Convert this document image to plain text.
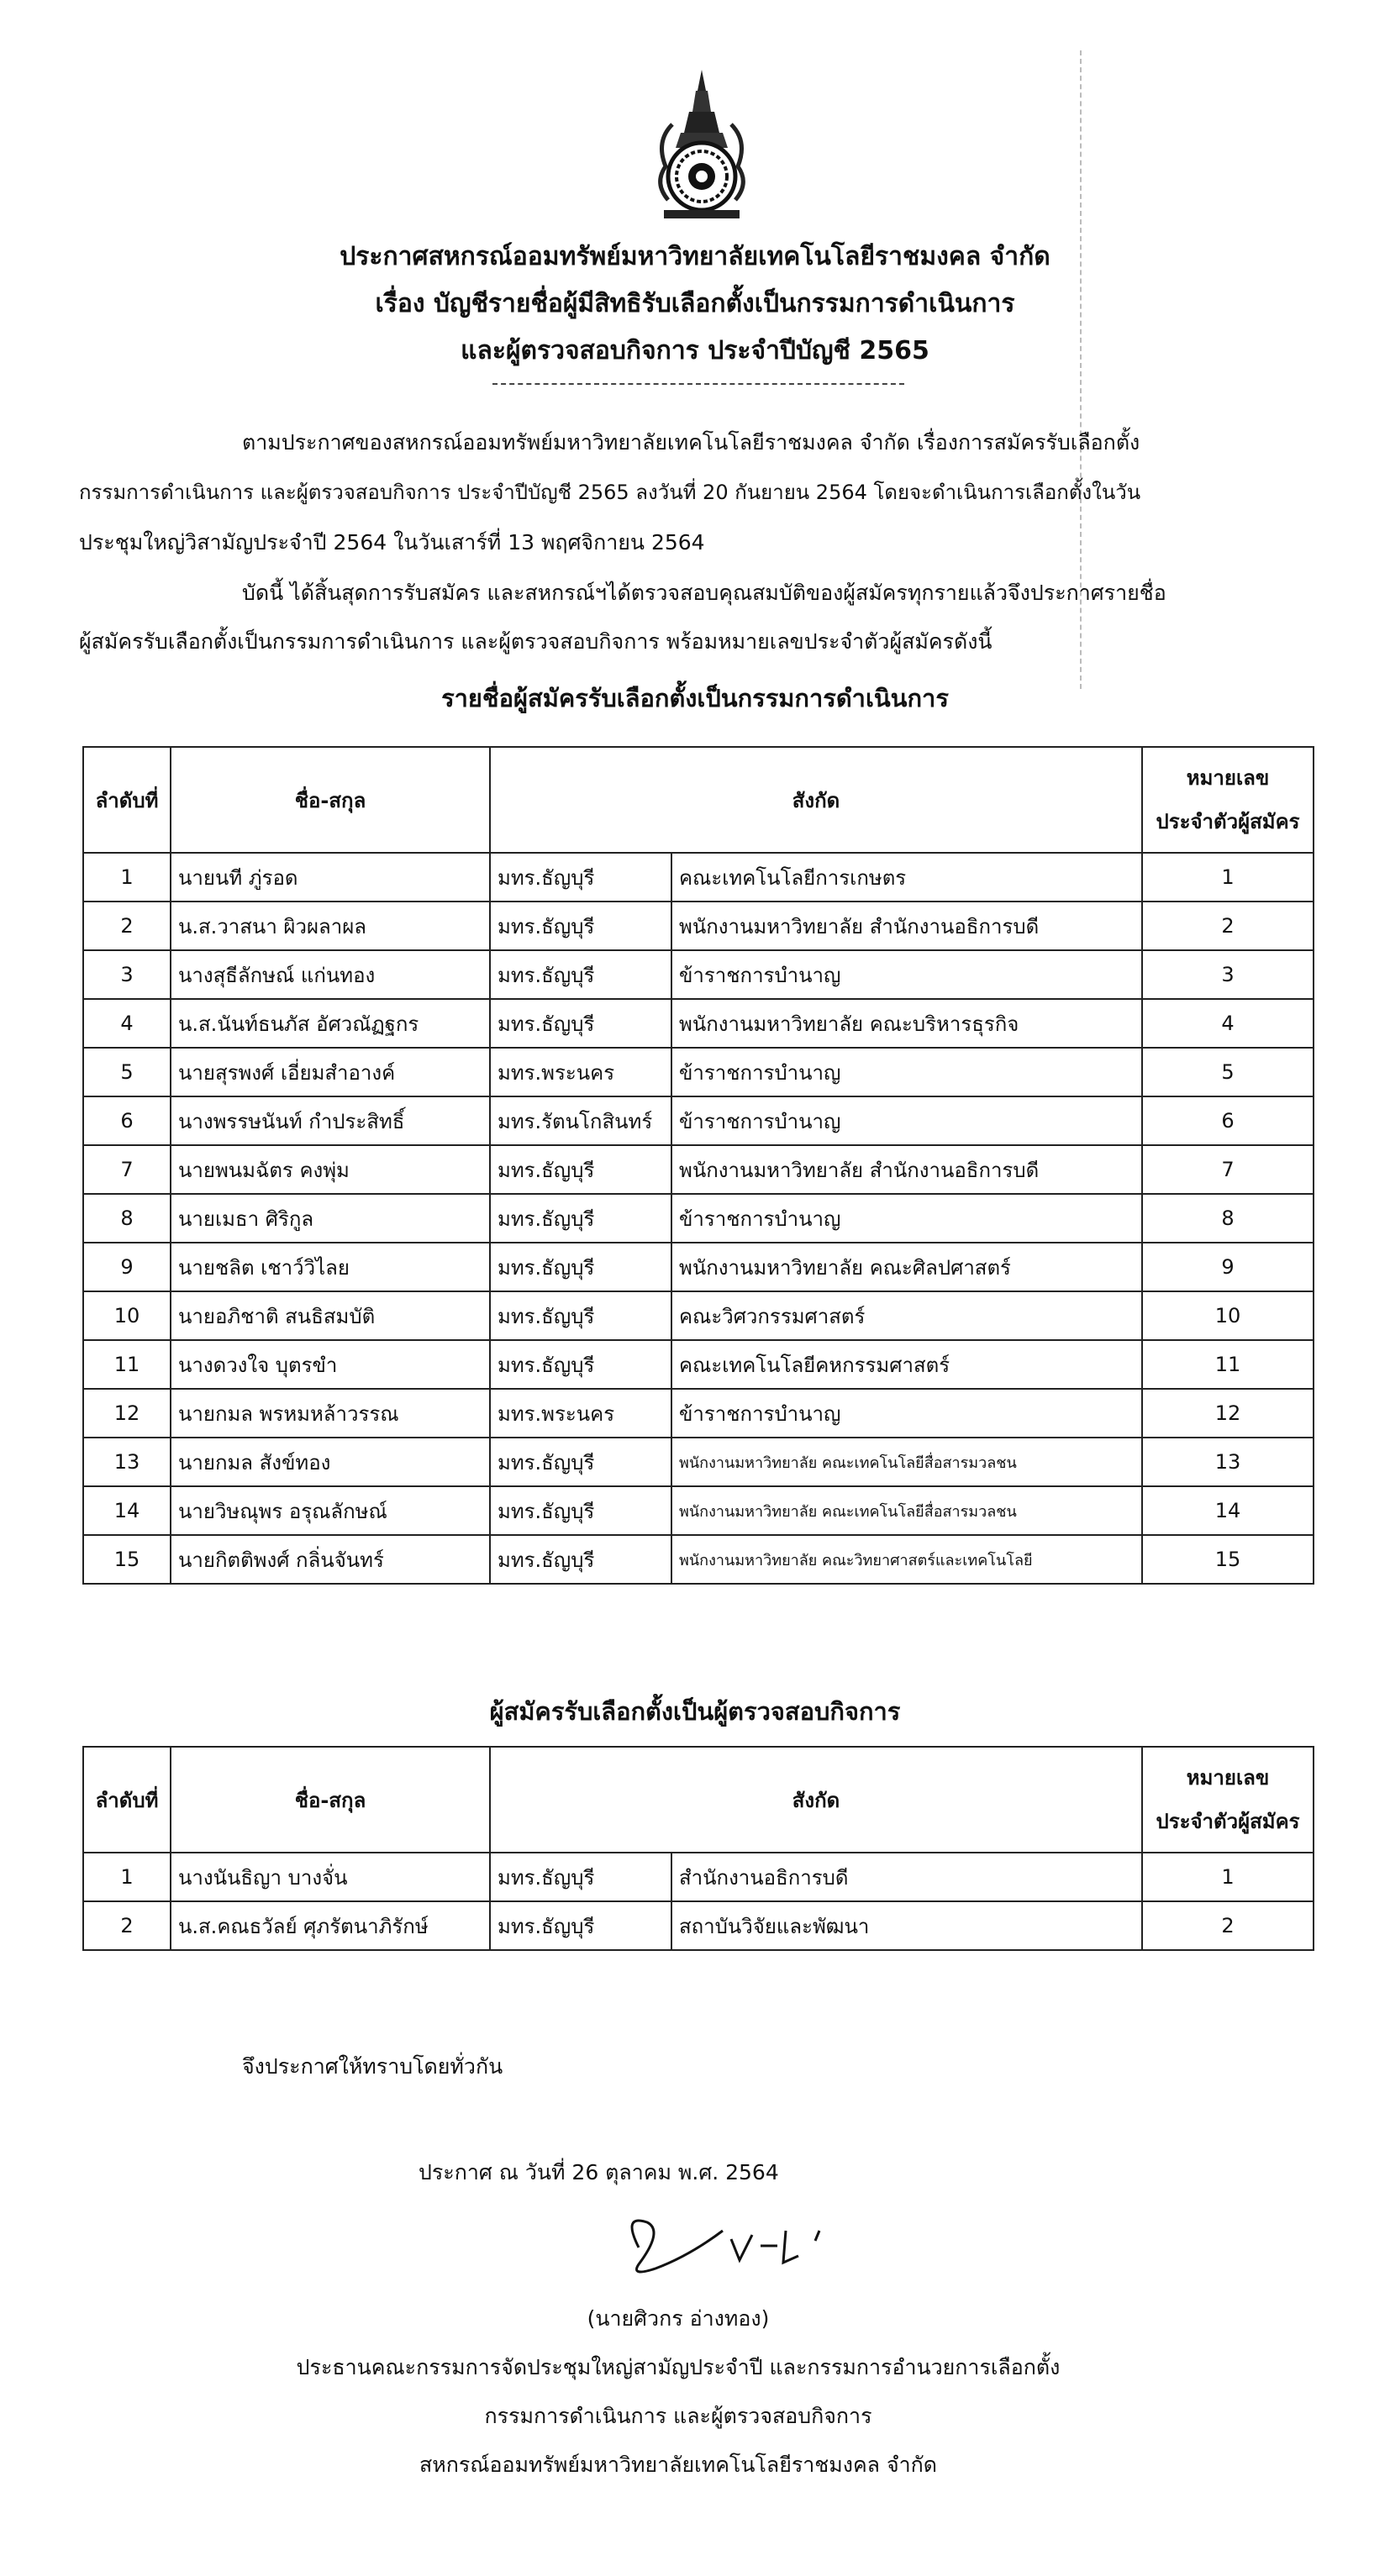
ประกาศสหกรณ์ออมทรัพย์มหาวิทยาลัยเทคโนโลยีราชมงคล จำกัด
เรื่อง บัญชีรายชื่อผู้มีสิทธิรับเลือกตั้งเป็นกรรมการดำเนินการ
และผู้ตรวจสอบกิจการ ประจำปีบัญชี 2565
ตามประกาศของสหกรณ์ออมทรัพย์มหาวิทยาลัยเทคโนโลยีราชมงคล จำกัด เรื่องการสมัครรับเลือกตั้ง
กรรมการดำเนินการ และผู้ตรวจสอบกิจการ ประจำปีบัญชี 2565 ลงวันที่ 20 กันยายน 2564 โดยจะดำเนินการเลือกตั้งในวัน
ประชุมใหญ่วิสามัญประจำปี 2564 ในวันเสาร์ที่ 13 พฤศจิกายน 2564
บัดนี้ ได้สิ้นสุดการรับสมัคร และสหกรณ์ฯได้ตรวจสอบคุณสมบัติของผู้สมัครทุกรายแล้วจึงประกาศรายชื่อ
ผู้สมัครรับเลือกตั้งเป็นกรรมการดำเนินการ และผู้ตรวจสอบกิจการ พร้อมหมายเลขประจำตัวผู้สมัครดังนี้
รายชื่อผู้สมัครรับเลือกตั้งเป็นกรรมการดำเนินการ
ลำดับที่	ชื่อ-สกุล	สังกัด		หมายเลข
ประจำตัวผู้สมัคร

1	นายนที ภู่รอด	มทร.ธัญบุรี	คณะเทคโนโลยีการเกษตร	1
2	น.ส.วาสนา ผิวผลาผล	มทร.ธัญบุรี	พนักงานมหาวิทยาลัย สำนักงานอธิการบดี	2
3	นางสุธีลักษณ์ แก่นทอง	มทร.ธัญบุรี	ข้าราชการบำนาญ	3
4	น.ส.นันท์ธนภัส อัศวณัฏฐกร	มทร.ธัญบุรี	พนักงานมหาวิทยาลัย คณะบริหารธุรกิจ	4
5	นายสุรพงศ์ เอี่ยมสำอางค์	มทร.พระนคร	ข้าราชการบำนาญ	5
6	นางพรรษนันท์ กำประสิทธิ์	มทร.รัตนโกสินทร์	ข้าราชการบำนาญ	6
7	นายพนมฉัตร คงพุ่ม	มทร.ธัญบุรี	พนักงานมหาวิทยาลัย สำนักงานอธิการบดี	7
8	นายเมธา ศิริกูล	มทร.ธัญบุรี	ข้าราชการบำนาญ	8
9	นายชลิต เชาว์วิไลย	มทร.ธัญบุรี	พนักงานมหาวิทยาลัย คณะศิลปศาสตร์	9
10	นายอภิชาติ สนธิสมบัติ	มทร.ธัญบุรี	คณะวิศวกรรมศาสตร์	10
11	นางดวงใจ บุตรขำ	มทร.ธัญบุรี	คณะเทคโนโลยีคหกรรมศาสตร์	11
12	นายกมล พรหมหล้าวรรณ	มทร.พระนคร	ข้าราชการบำนาญ	12
13	นายกมล สังข์ทอง	มทร.ธัญบุรี	พนักงานมหาวิทยาลัย คณะเทคโนโลยีสื่อสารมวลชน	13
14	นายวิษณุพร อรุณลักษณ์	มทร.ธัญบุรี	พนักงานมหาวิทยาลัย คณะเทคโนโลยีสื่อสารมวลชน	14
15	นายกิตติพงศ์ กลิ่นจันทร์	มทร.ธัญบุรี	พนักงานมหาวิทยาลัย คณะวิทยาศาสตร์และเทคโนโลยี	15
ผู้สมัครรับเลือกตั้งเป็นผู้ตรวจสอบกิจการ
ลำดับที่	ชื่อ-สกุล	สังกัด		หมายเลข
ประจำตัวผู้สมัคร

1	นางนันธิญา บางจั่น	มทร.ธัญบุรี	สำนักงานอธิการบดี	1
2	น.ส.คณธวัลย์ ศุภรัตนาภิรักษ์	มทร.ธัญบุรี	สถาบันวิจัยและพัฒนา	2
จึงประกาศให้ทราบโดยทั่วกัน
ประกาศ ณ วันที่ 26 ตุลาคม พ.ศ. 2564
(นายศิวกร อ่างทอง)
ประธานคณะกรรมการจัดประชุมใหญ่สามัญประจำปี และกรรมการอำนวยการเลือกตั้ง
กรรมการดำเนินการ และผู้ตรวจสอบกิจการ
สหกรณ์ออมทรัพย์มหาวิทยาลัยเทคโนโลยีราชมงคล จำกัด
